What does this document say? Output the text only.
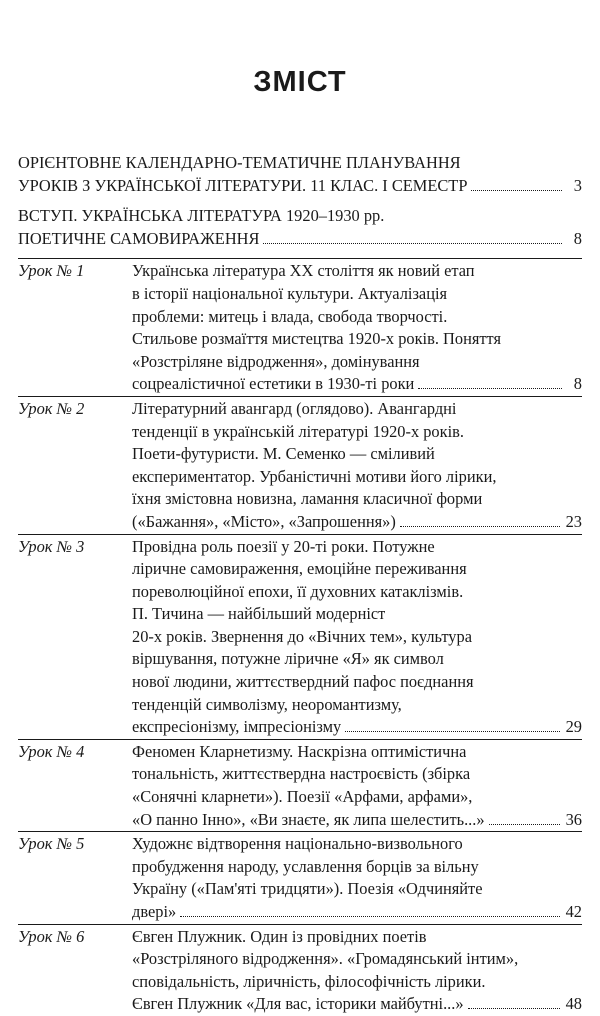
ЗМІСТ
ОРІЄНТОВНЕ КАЛЕНДАРНО-ТЕМАТИЧНЕ ПЛАНУВАННЯ
УРОКІВ З УКРАЇНСЬКОЇ ЛІТЕРАТУРИ. 11 КЛАС. І СЕМЕСТР	3
ВСТУП. УКРАЇНСЬКА ЛІТЕРАТУРА 1920–1930 рр.
ПОЕТИЧНЕ САМОВИРАЖЕННЯ	8
Урок № 1	Українська література XX століття як новий етап
в історії національної культури. Актуалізація
проблеми: митець і влада, свобода творчості.
Стильове розмаїття мистецтва 1920-х років. Поняття
«Розстріляне відродження», домінування
соцреалістичної естетики в 1930-ті роки	8
Урок № 2	Літературний авангард (оглядово). Авангардні
тенденції в українській літературі 1920-х років.
Поети-футуристи. М. Семенко — сміливий
експериментатор. Урбаністичні мотиви його лірики,
їхня змістовна новизна, ламання класичної форми
(«Бажання», «Місто», «Запрошення»)	23
Урок № 3	Провідна роль поезії у 20-ті роки. Потужне
ліричне самовираження, емоційне переживання
пореволюційної епохи, її духовних катаклізмів.
П. Тичина — найбільший модерніст
20-х років. Звернення до «Вічних тем», культура
віршування, потужне ліричне «Я» як символ
нової людини, життєствердний пафос поєднання
тенденцій символізму, неоромантизму,
експресіонізму, імпресіонізму	29
Урок № 4	Феномен Кларнетизму. Наскрізна оптимістична
тональність, життєствердна настроєвість (збірка
«Сонячні кларнети»). Поезії «Арфами, арфами»,
«О панно Інно», «Ви знаєте, як липа шелестить...»	36
Урок № 5	Художнє відтворення національно-визвольного
пробудження народу, уславлення борців за вільну
Україну («Пам'яті тридцяти»). Поезія «Одчиняйте
двері»	42
Урок № 6	Євген Плужник. Один із провідних поетів
«Розстріляного відродження». «Громадянський інтим»,
сповідальність, ліричність, філософічність лірики.
Євген Плужник «Для вас, історики майбутні...»	48
